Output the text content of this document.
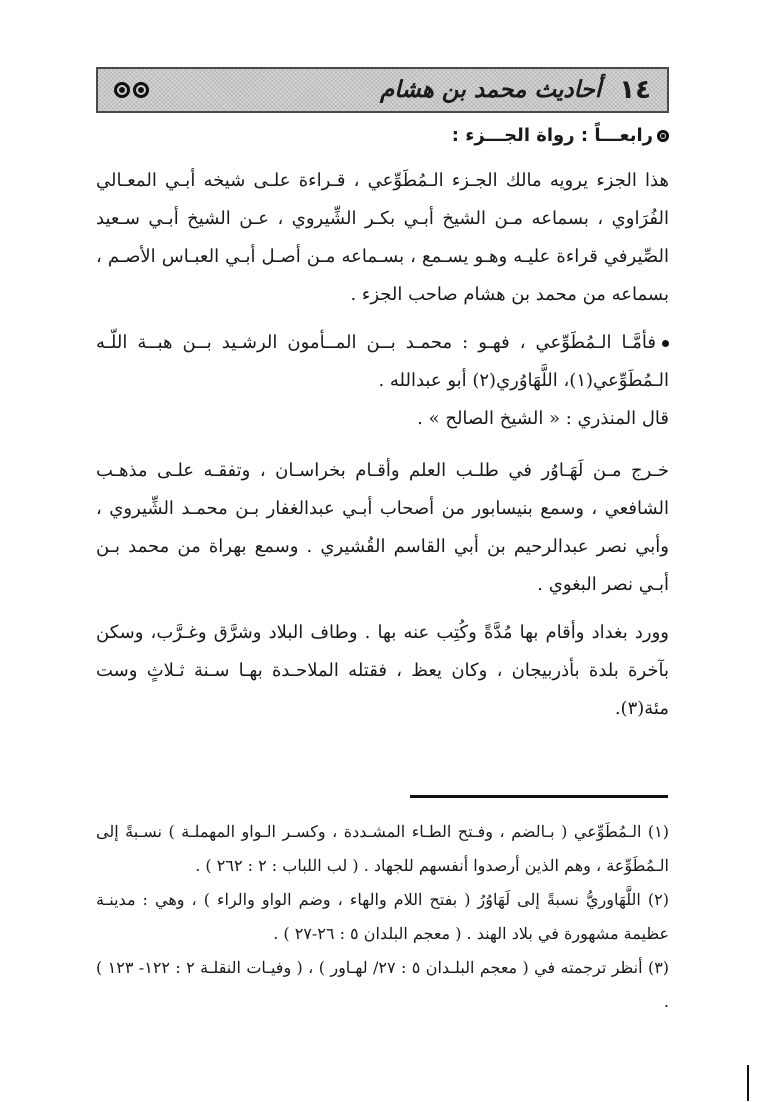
١٤
أحاديث محمد بن هشام

رابعـــاً : رواة الجـــزء :

هذا الجزء يرويه مالك الجـزء الـمُطَوِّعي ، قـراءة علـى شيخه أبـي المعـالي الفُرَاوي ، بسماعه مـن الشيخ أبـي بكـر الشِّيروي ، عـن الشيخ أبـي سـعيد الصِّيرفي قراءة عليـه وهـو يسـمع ، بسـماعه مـن أصـل أبـي العبـاس الأصـم ، بسماعه من محمد بن هشام صاحب الجزء .

فأمَّـا الـمُطَوِّعي ، فهـو : محمـد بــن المــأمون الرشـيد بــن هبــة اللّـه الـمُطَوِّعي(١)، اللَّهَاوُري(٢) أبو عبدالله .

قال المنذري : « الشيخ الصالح » .

خـرج مـن لَهَـاوُر في طلـب العلم وأقـام بخراسـان ، وتفقـه علـى مذهـب الشافعي ، وسمع بنيسابور من أصحاب أبـي عبدالغفار بـن محمـد الشِّيروي ، وأبي نصر عبدالرحيم بن أبي القاسم القُشيري . وسمع بهراة من محمد بـن أبـي نصر البغوي .

وورد بغداد وأقام بها مُدَّةً وكُتِب عنه بها . وطاف البلاد وشرَّق وغـرَّب، وسكن بآخرة بلدة بأذربيجان ، وكان يعظ ، فقتله الملاحـدة بهـا سـنة ثـلاثٍ وست مئة(٣).

(١) الـمُطَوِّعي ( بـالضم ، وفـتح الطـاء المشـددة ، وكسـر الـواو المهملـة ) نسـبةً إلى الـمُطَوِّعة ، وهم الذين أرصدوا أنفسهم للجهاد . ( لب اللباب : ٢ : ٢٦٢ ) .

(٢) اللَّهَاوريُّ نسبةً إلى لَهَاوُرُ ( بفتح اللام والهاء ، وضم الواو والراء ) ، وهي : مدينـة عظيمة مشهورة في بلاد الهند . ( معجم البلدان ٥ : ٢٦-٢٧ ) .

(٣) أنظر ترجمته في ( معجم البلـدان ٥ : ٢٧/ لهـاور ) ، ( وفيـات النقلـة ٢ : ١٢٢- ١٢٣ ) .
